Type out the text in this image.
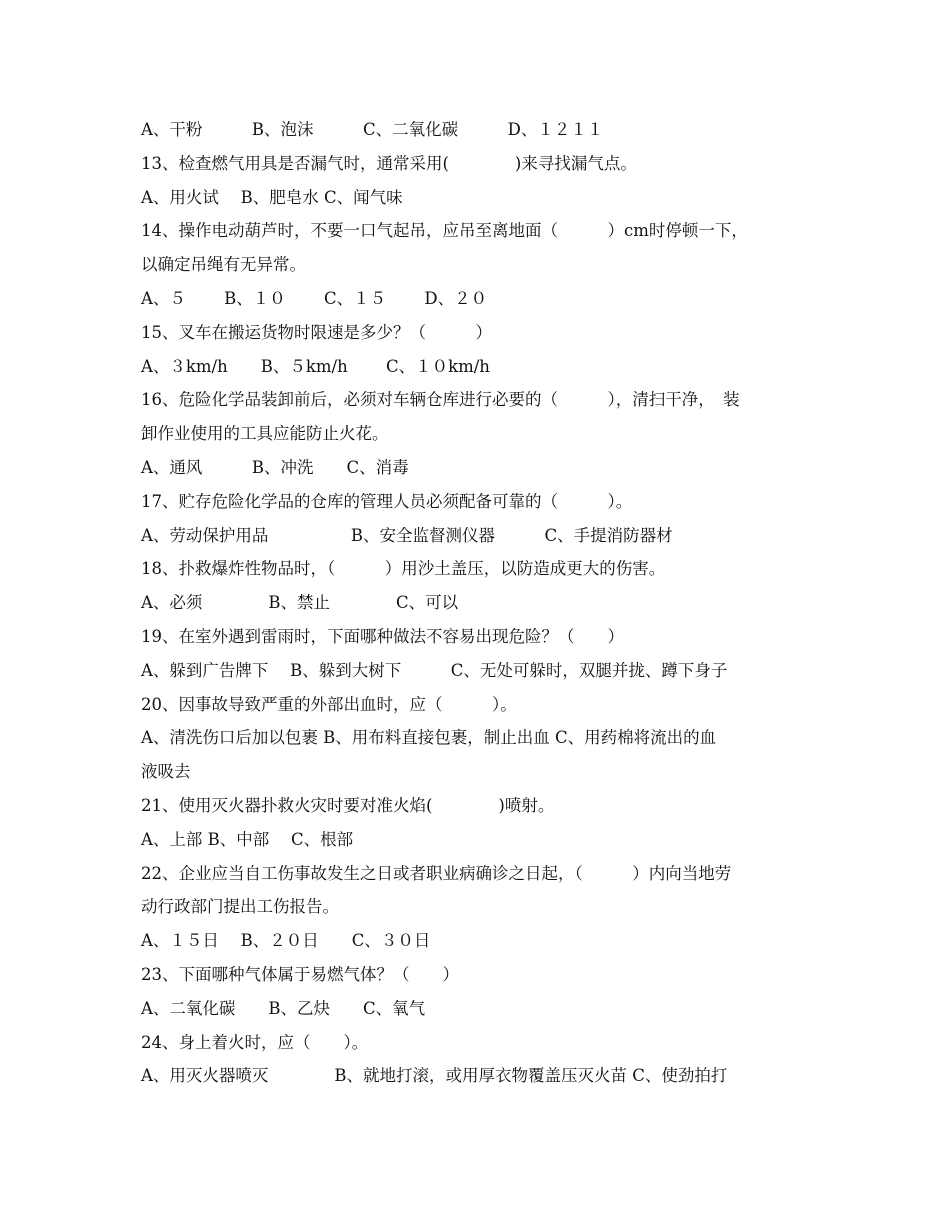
A、干粉　　　B、泡沫　　　C、二氧化碳　　　D、１２１１
13、检查燃气用具是否漏气时，通常采用(　　　　)来寻找漏气点。
A、用火试　 B、肥皂水 C、闻气味
14、操作电动葫芦时，不要一口气起吊，应吊至离地面（　　　）cm时停顿一下，
以确定吊绳有无异常。
A、５　　 B、１０　　 C、１５　　 D、２０
15、叉车在搬运货物时限速是多少？（　　　）
A、３km/h　　B、５km/h　　 C、１０km/h
16、危险化学品装卸前后，必须对车辆仓库进行必要的（　　　），清扫干净，　装
卸作业使用的工具应能防止火花。
A、通风　　　B、冲洗　　C、消毒
17、贮存危险化学品的仓库的管理人员必须配备可靠的（　　　）。
A、劳动保护用品　　　　　B、安全监督测仪器　　　C、手提消防器材
18、扑救爆炸性物品时，（　　　）用沙土盖压，以防造成更大的伤害。
A、必须　　　　B、禁止　　　　C、可以
19、在室外遇到雷雨时，下面哪种做法不容易出现危险？（　　）
A、躲到广告牌下　 B、躲到大树下　　　C、无处可躲时，双腿并拢、蹲下身子
20、因事故导致严重的外部出血时，应（　　　）。
A、清洗伤口后加以包裹 B、用布料直接包裹，制止出血 C、用药棉将流出的血
液吸去
21、使用灭火器扑救火灾时要对准火焰(　　　　)喷射。
A、上部 B、中部　 C、根部
22、企业应当自工伤事故发生之日或者职业病确诊之日起，（　　　）内向当地劳
动行政部门提出工伤报告。
A、１５日　 B、２０日　　C、３０日
23、下面哪种气体属于易燃气体？（　　）
A、二氧化碳　　B、乙炔　　C、氧气
24、身上着火时，应（　　）。
A、用灭火器喷灭　　　　B、就地打滚，或用厚衣物覆盖压灭火苗 C、使劲拍打
